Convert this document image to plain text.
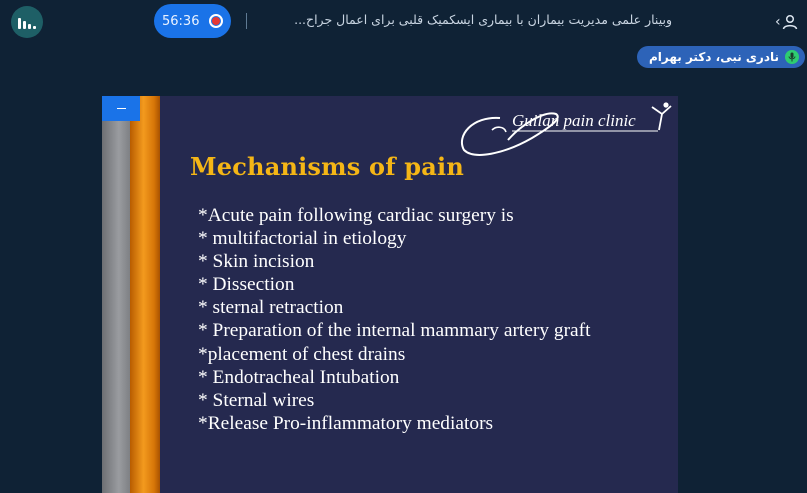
56:36	وبینار علمی مدیریت بیماران با بیماری ایسکمیک قلبی برای اعمال جراح...	‹
نادری نبی، دکتر بهرام
Guilan pain clinic
Mechanisms of pain
*Acute pain following cardiac surgery is
* multifactorial in etiology
* Skin incision
* Dissection
* sternal retraction
* Preparation of the internal mammary artery graft
*placement of chest drains
* Endotracheal Intubation
* Sternal wires
*Release Pro-inflammatory mediators
